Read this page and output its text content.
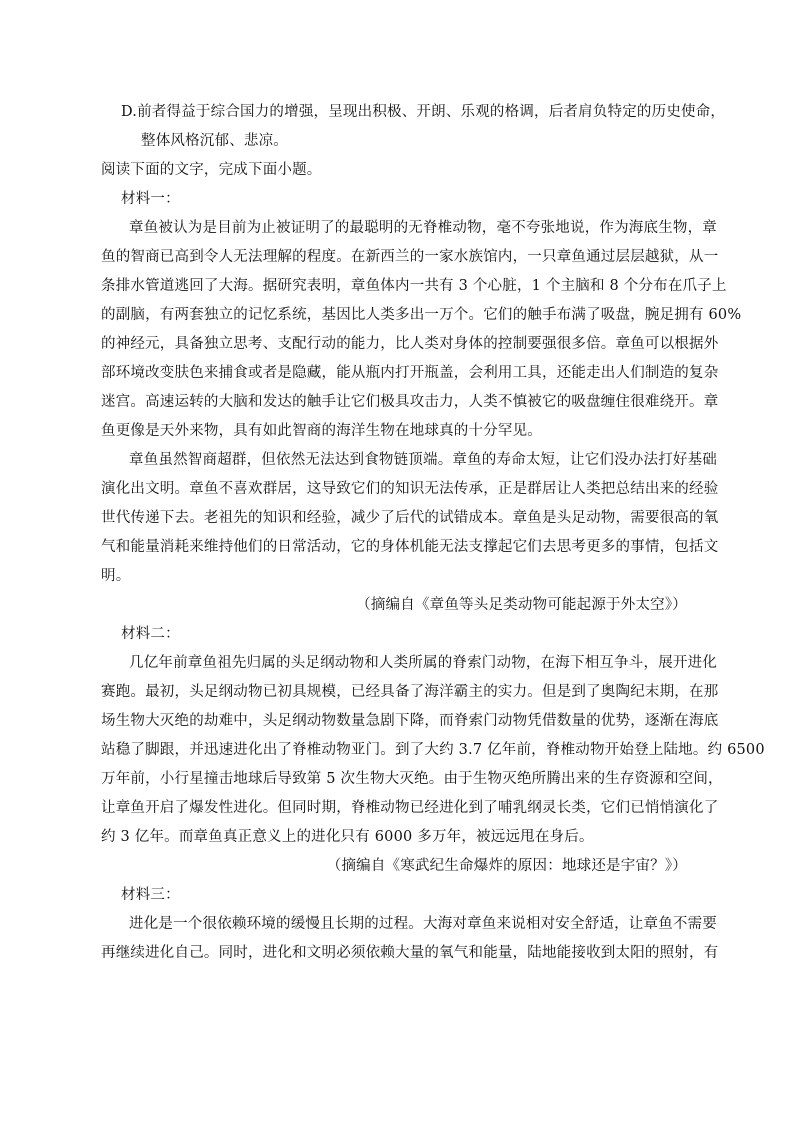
D.前者得益于综合国力的增强，呈现出积极、开朗、乐观的格调，后者肩负特定的历史使命，
整体风格沉郁、悲凉。
阅读下面的文字，完成下面小题。
材料一：
章鱼被认为是目前为止被证明了的最聪明的无脊椎动物，毫不夸张地说，作为海底生物，章
鱼的智商已高到令人无法理解的程度。在新西兰的一家水族馆内，一只章鱼通过层层越狱，从一
条排水管道逃回了大海。据研究表明，章鱼体内一共有 3 个心脏，1 个主脑和 8 个分布在爪子上
的副脑，有两套独立的记忆系统，基因比人类多出一万个。它们的触手布满了吸盘，腕足拥有 60%
的神经元，具备独立思考、支配行动的能力，比人类对身体的控制要强很多倍。章鱼可以根据外
部环境改变肤色来捕食或者是隐藏，能从瓶内打开瓶盖，会利用工具，还能走出人们制造的复杂
迷宫。高速运转的大脑和发达的触手让它们极具攻击力，人类不慎被它的吸盘缠住很难绕开。章
鱼更像是天外来物，具有如此智商的海洋生物在地球真的十分罕见。
章鱼虽然智商超群，但依然无法达到食物链顶端。章鱼的寿命太短，让它们没办法打好基础
演化出文明。章鱼不喜欢群居，这导致它们的知识无法传承，正是群居让人类把总结出来的经验
世代传递下去。老祖先的知识和经验，减少了后代的试错成本。章鱼是头足动物，需要很高的氧
气和能量消耗来维持他们的日常活动，它的身体机能无法支撑起它们去思考更多的事情，包括文
明。
（摘编自《章鱼等头足类动物可能起源于外太空》）
材料二：
几亿年前章鱼祖先归属的头足纲动物和人类所属的脊索门动物，在海下相互争斗，展开进化
赛跑。最初，头足纲动物已初具规模，已经具备了海洋霸主的实力。但是到了奥陶纪末期，在那
场生物大灭绝的劫难中，头足纲动物数量急剧下降，而脊索门动物凭借数量的优势，逐渐在海底
站稳了脚跟，并迅速进化出了脊椎动物亚门。到了大约 3.7 亿年前，脊椎动物开始登上陆地。约 6500
万年前，小行星撞击地球后导致第 5 次生物大灭绝。由于生物灭绝所腾出来的生存资源和空间，
让章鱼开启了爆发性进化。但同时期，脊椎动物已经进化到了哺乳纲灵长类，它们已悄悄演化了
约 3 亿年。而章鱼真正意义上的进化只有 6000 多万年，被远远甩在身后。
（摘编自《寒武纪生命爆炸的原因：地球还是宇宙？》）
材料三：
进化是一个很依赖环境的缓慢且长期的过程。大海对章鱼来说相对安全舒适，让章鱼不需要
再继续进化自己。同时，进化和文明必须依赖大量的氧气和能量，陆地能接收到太阳的照射，有
